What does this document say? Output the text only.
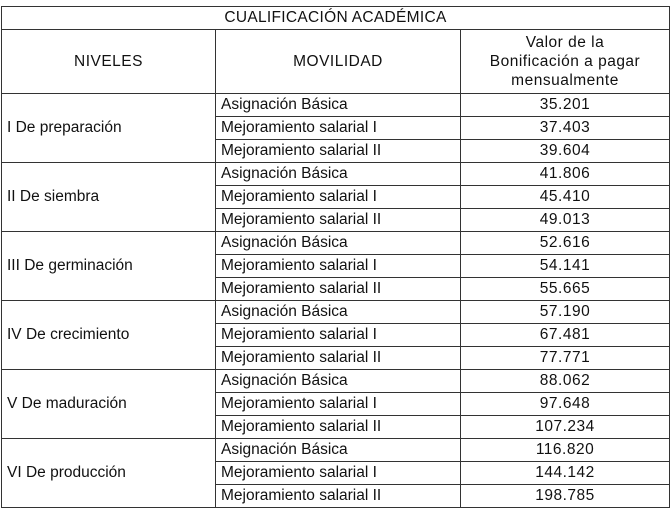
CUALIFICACIÓN ACADÉMICA		
NIVELES	MOVILIDAD	Valor de la
Bonificación a pagar
mensualmente
I De preparación	Asignación Básica	35.201
	Mejoramiento salarial I	37.403
	Mejoramiento salarial II	39.604
II De siembra	Asignación Básica	41.806
	Mejoramiento salarial I	45.410
	Mejoramiento salarial II	49.013
III De germinación	Asignación Básica	52.616
	Mejoramiento salarial I	54.141
	Mejoramiento salarial II	55.665
IV De crecimiento	Asignación Básica	57.190
	Mejoramiento salarial I	67.481
	Mejoramiento salarial II	77.771
V De maduración	Asignación Básica	88.062
	Mejoramiento salarial I	97.648
	Mejoramiento salarial II	107.234
VI De producción	Asignación Básica	116.820
	Mejoramiento salarial I	144.142
	Mejoramiento salarial II	198.785
